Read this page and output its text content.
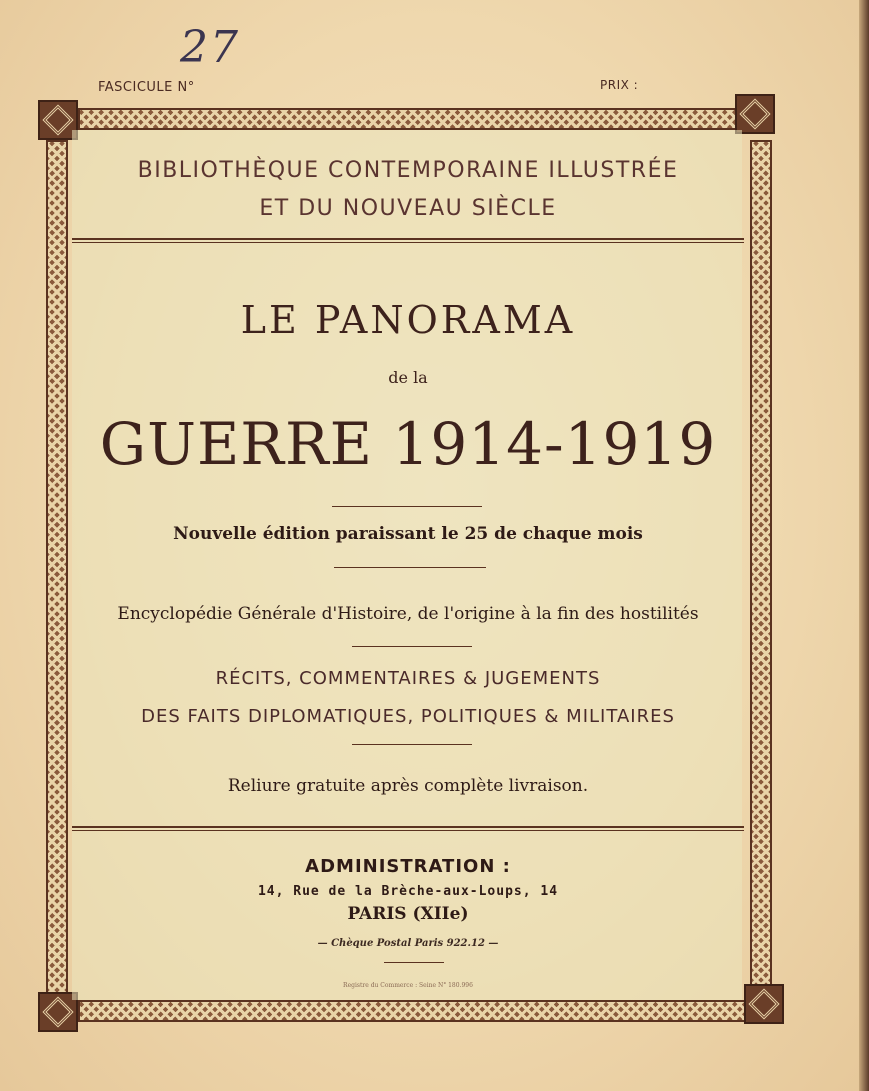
27
FASCICULE N°	PRIX :
BIBLIOTHÈQUE CONTEMPORAINE ILLUSTRÉE
ET DU NOUVEAU SIÈCLE
LE PANORAMA
de la
GUERRE 1914-1919
Nouvelle édition paraissant le 25 de chaque mois
Encyclopédie Générale d'Histoire, de l'origine à la fin des hostilités
RÉCITS, COMMENTAIRES & JUGEMENTS
DES FAITS DIPLOMATIQUES, POLITIQUES & MILITAIRES
Reliure gratuite après complète livraison.
ADMINISTRATION :
14, Rue de la Brèche-aux-Loups, 14
PARIS (XIIe)
— Chèque Postal Paris 922.12 —
Registre du Commerce : Seine N° 180.996
